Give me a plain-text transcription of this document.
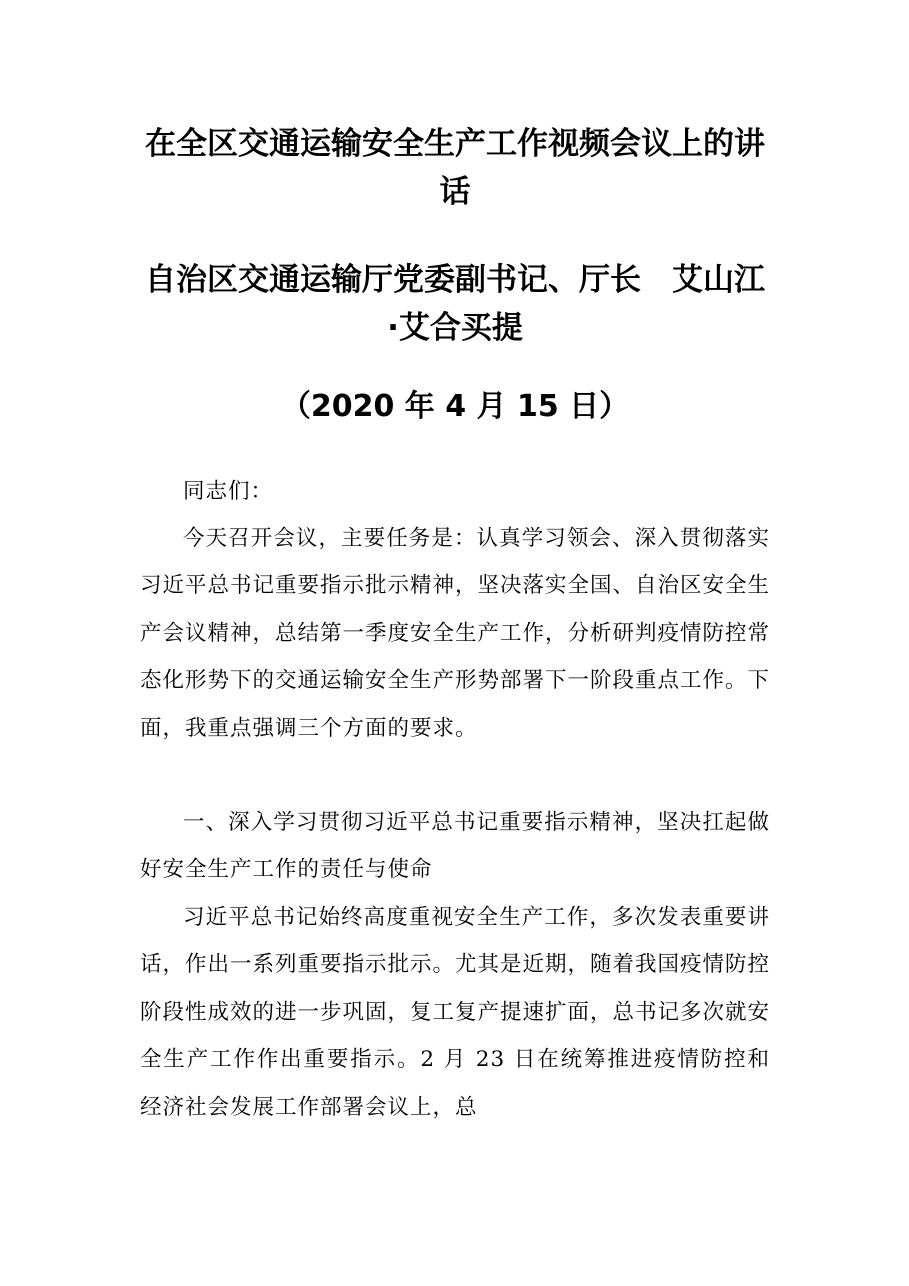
在全区交通运输安全生产工作视频会议上的讲话
自治区交通运输厅党委副书记、厅长　艾山江·艾合买提
（2020 年 4 月 15 日）

同志们：

今天召开会议，主要任务是：认真学习领会、深入贯彻落实习近平总书记重要指示批示精神，坚决落实全国、自治区安全生产会议精神，总结第一季度安全生产工作，分析研判疫情防控常态化形势下的交通运输安全生产形势部署下一阶段重点工作。下面，我重点强调三个方面的要求。

一、深入学习贯彻习近平总书记重要指示精神，坚决扛起做好安全生产工作的责任与使命

习近平总书记始终高度重视安全生产工作，多次发表重要讲话，作出一系列重要指示批示。尤其是近期，随着我国疫情防控阶段性成效的进一步巩固，复工复产提速扩面，总书记多次就安全生产工作作出重要指示。2 月 23 日在统筹推进疫情防控和经济社会发展工作部署会议上，总
